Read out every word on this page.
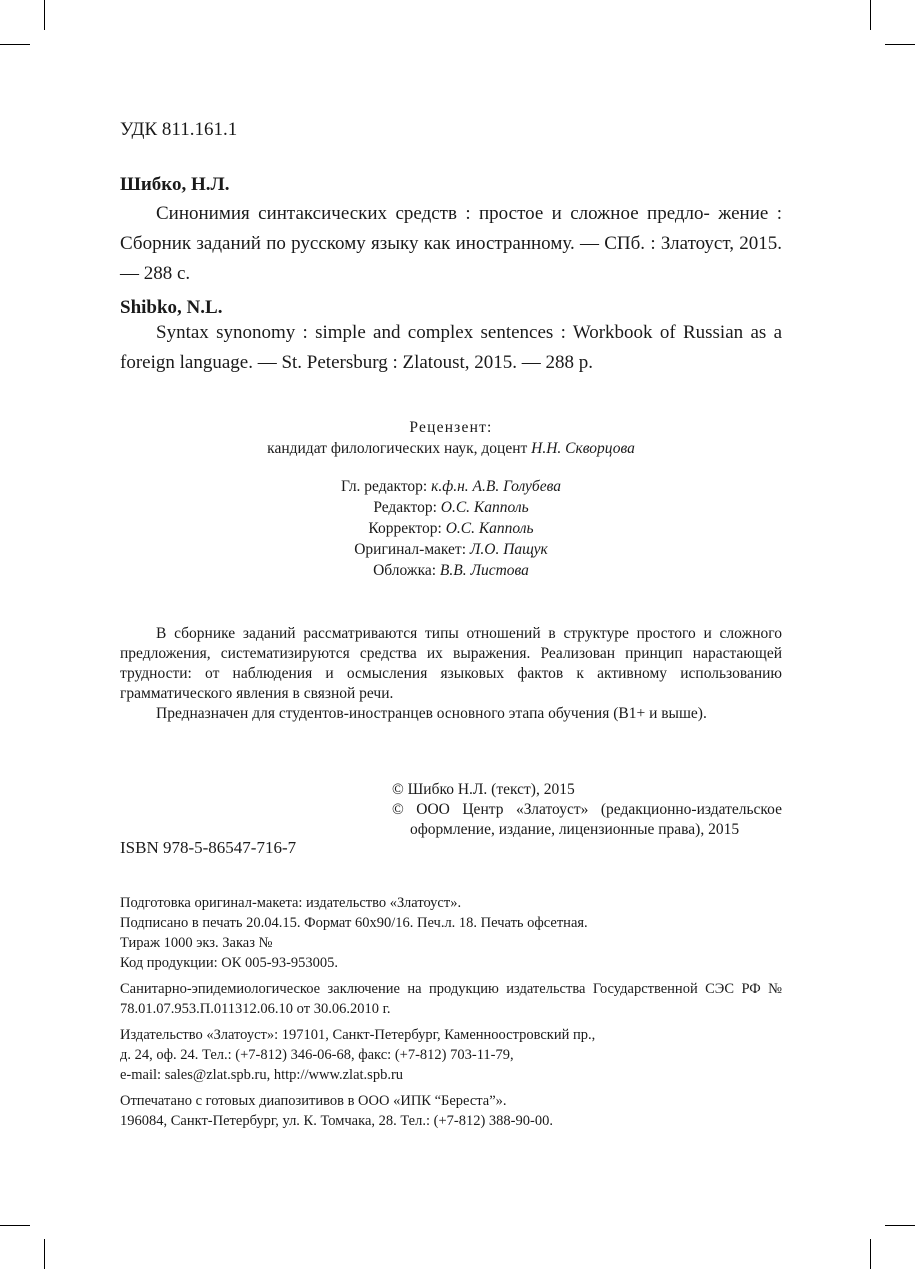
УДК 811.161.1
Шибко, Н.Л.

Синонимия синтаксических средств : простое и сложное предло- жение : Сборник заданий по русскому языку как иностранному. — СПб. : Златоуст, 2015. — 288 с.

Shibko, N.L.

Syntax synonomy : simple and complex sentences : Workbook of Russian as a foreign language. — St. Petersburg : Zlatoust, 2015. — 288 p.

Рецензент:
кандидат филологических наук, доцент Н.Н. Скворцова
Гл. редактор: к.ф.н. А.В. Голубева
Редактор: О.С. Капполь
Корректор: О.С. Капполь
Оригинал-макет: Л.О. Пащук
Обложка: В.В. Листова

В сборнике заданий рассматриваются типы отношений в структуре простого и сложного предложения, систематизируются средства их выражения. Реализован принцип нарастающей трудности: от наблюдения и осмысления языковых фактов к активному использованию грамматического явления в связной речи.

Предназначен для студентов-иностранцев основного этапа обучения (В1+ и выше).

© Шибко Н.Л. (текст), 2015
© ООО Центр «Златоуст» (редакционно-издательское оформление, издание, лицензионные права), 2015
ISBN 978-5-86547-716-7
Подготовка оригинал-макета: издательство «Златоуст».
Подписано в печать 20.04.15. Формат 60х90/16. Печ.л. 18. Печать офсетная.
Тираж 1000 экз. Заказ №
Код продукции: ОК 005-93-953005.
Санитарно-эпидемиологическое заключение на продукцию издательства Государственной СЭС РФ № 78.01.07.953.П.011312.06.10 от 30.06.2010 г.
Издательство «Златоуст»: 197101, Санкт-Петербург, Каменноостровский пр.,
д. 24, оф. 24. Тел.: (+7-812) 346-06-68, факс: (+7-812) 703-11-79,
e-mail: sales@zlat.spb.ru, http://www.zlat.spb.ru
Отпечатано с готовых диапозитивов в ООО «ИПК “Береста”».
196084, Санкт-Петербург, ул. К. Томчака, 28. Тел.: (+7-812) 388-90-00.
